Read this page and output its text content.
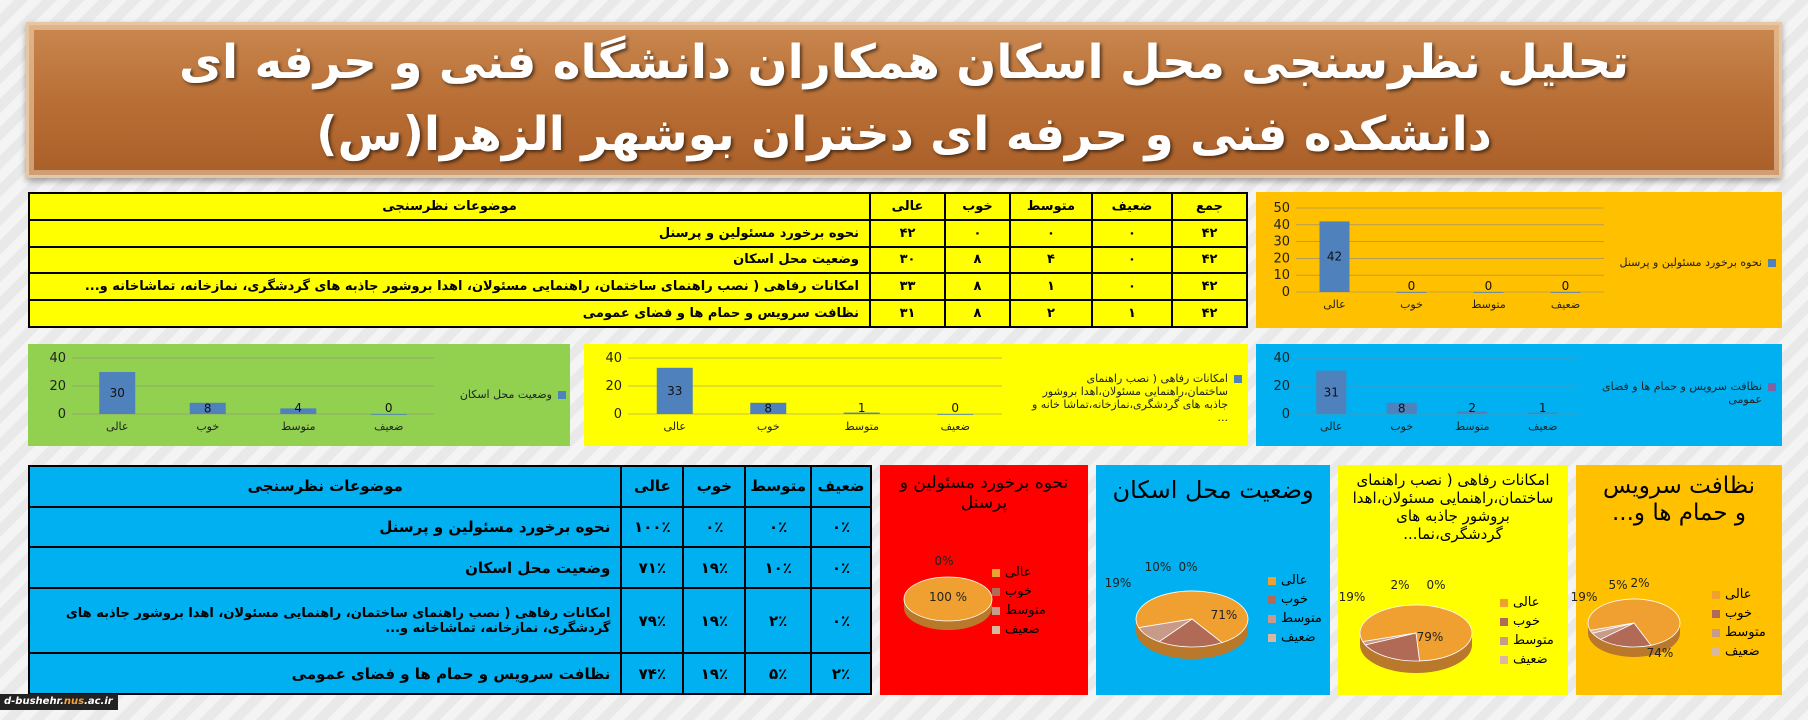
تحلیل نظرسنجی محل اسکان همکاران دانشگاه فنی و حرفه ای
دانشکده فنی و حرفه ای دختران بوشهر الزهرا(س)
جمع	ضعیف	متوسط	خوب	عالی	موضوعات نظرسنجی
۴۲	۰	۰	۰	۴۲	نحوه برخورد مسئولین و پرسنل
۴۲	۰	۴	۸	۳۰	وضعیت محل اسکان
۴۲	۰	۱	۸	۳۳	امکانات رفاهی ( نصب راهنمای ساختمان، راهنمایی مسئولان، اهدا بروشور جاذبه های گردشگری، نمازخانه، تماشاخانه و...
۴۲	۱	۲	۸	۳۱	نظافت سرویس و حمام ها و فضای عمومی
ضعیف	متوسط	خوب	عالی	موضوعات نظرسنجی
۰٪	۰٪	۰٪	۱۰۰٪	نحوه برخورد مسئولین و پرسنل
۰٪	۱۰٪	۱۹٪	۷۱٪	وضعیت محل اسکان
۰٪	۲٪	۱۹٪	۷۹٪	امکانات رفاهی ( نصب راهنمای ساختمان، راهنمایی مسئولان، اهدا بروشور جاذبه های گردشگری، نمازخانه، تماشاخانه و...
۲٪	۵٪	۱۹٪	۷۴٪	نظافت سرویس و حمام ها و فضای عمومی
0
10
20
30
40
50
42
عالی
0
خوب
0
متوسط
0
ضعیف
نحوه برخورد مسئولین و پرسنل
0
20
40
30
عالی
8
خوب
4
متوسط
0
ضعیف
وضعیت محل اسکان
0
20
40
33
عالی
8
خوب
1
متوسط
0
ضعیف
امکانات رفاهی ( نصب راهنمای ساختمان،راهنمایی مسئولان،اهدا بروشور جاذبه های گردشگری،نمازخانه،تماشا خانه و ...	0
20
40
31
عالی
8
خوب
2
متوسط
1
ضعیف
نظافت سرویس و حمام ها و فضای عمومی
نحوه برخورد مسئولین و پرسنل
100 %
0%
عالی
خوب
متوسط
ضعیف
وضعیت محل اسکان
71%
19%
10% 0%
عالی
خوب
متوسط
ضعیف
امکانات رفاهی ( نصب راهنمای ساختمان،راهنمایی مسئولان،اهدا بروشور جاذبه های گردشگری،نما...
79%
19%
2% 0%
عالی
خوب
متوسط
ضعیف
نظافت سرویس و حمام ها و...
74%
19%
5% 2%
عالی
خوب
متوسط
ضعیف
d-bushehr.nus.ac.ir
